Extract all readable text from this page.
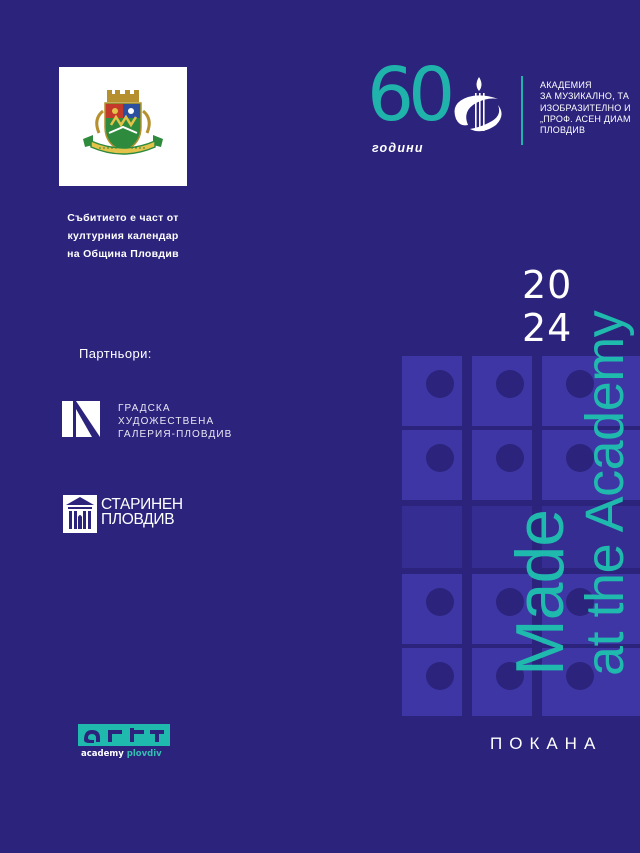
Събитието е част от
културния календар
на Община Пловдив
Партньори:
ГРАДСКА
ХУДОЖЕСТВЕНА
ГАЛЕРИЯ-ПЛОВДИВ
СТАРИНЕН
ПЛОВДИВ
academy plovdiv
60
години
АКАДЕМИЯ
ЗА МУЗИКАЛНО, ТА
ИЗОБРАЗИТЕЛНО И
„ПРОФ. АСЕН ДИАМ
ПЛОВДИВ
20
24
Made
at the Academy
ПОКАНА
